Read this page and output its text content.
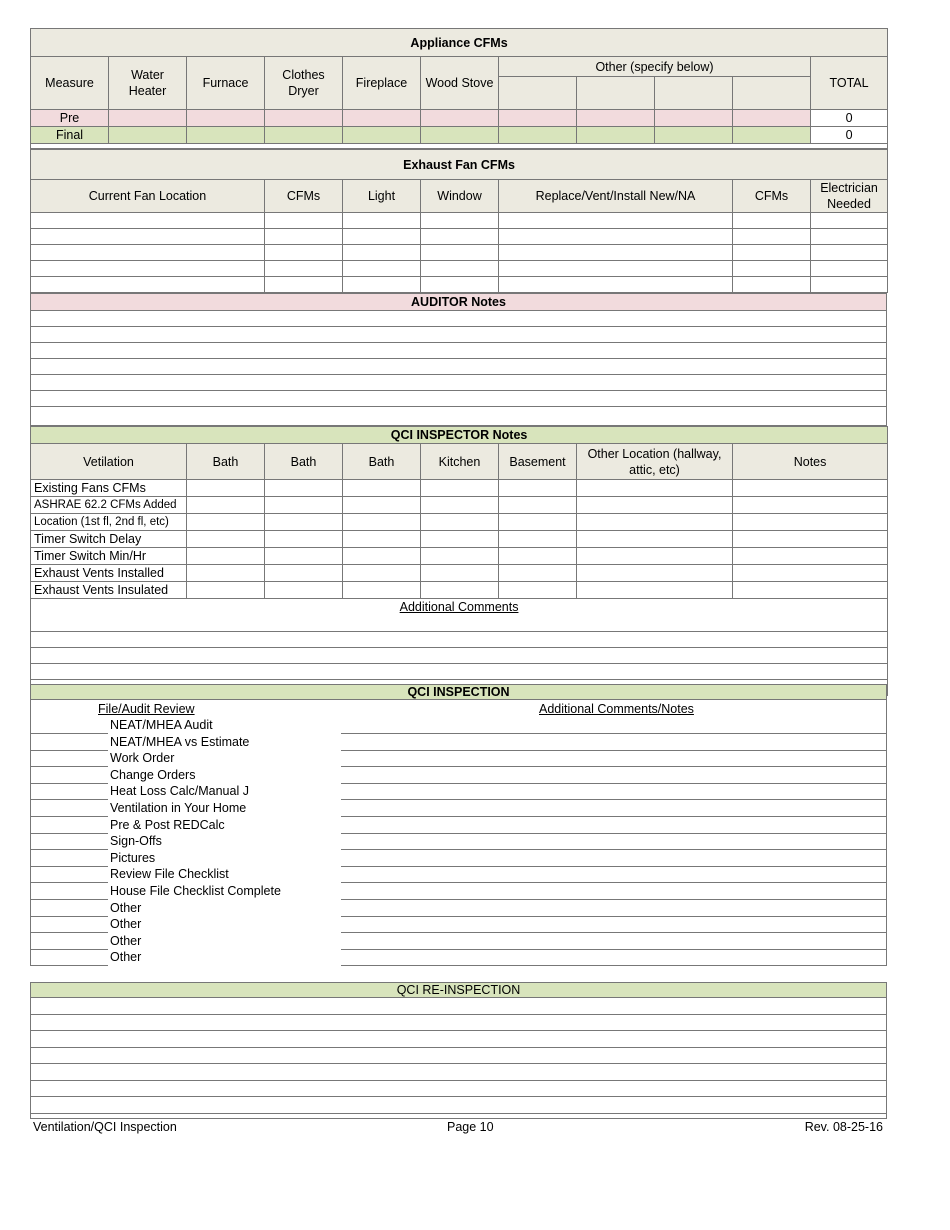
Appliance CFMs										
Measure	Water Heater	Furnace	Clothes Dryer	Fireplace	Wood Stove	Other (specify below)				TOTAL

Pre										0
Final										0

Exhaust Fan CFMs						
Current Fan Location	CFMs	Light	Window	Replace/Vent/Install New/NA	CFMs	Electrician Needed

AUDITOR Notes

QCI INSPECTOR Notes							
Vetilation	Bath	Bath	Bath	Kitchen	Basement	Other Location (hallway, attic, etc)	Notes
Existing Fans CFMs							
ASHRAE 62.2 CFMs Added							
Location (1st fl, 2nd fl, etc)							
Timer Switch Delay							
Timer Switch Min/Hr							
Exhaust Vents Installed							
Exhaust Vents Insulated							
Additional Comments							

QCI INSPECTION
File/Audit Review	Additional Comments/Notes
NEAT/MHEA Audit
NEAT/MHEA vs Estimate
Work Order
Change Orders
Heat Loss Calc/Manual J
Ventilation in Your Home
Pre & Post REDCalc
Sign-Offs
Pictures
Review File Checklist
House File Checklist Complete
Other
Other
Other
Other
QCI RE-INSPECTION
Ventilation/QCI Inspection	Page 10	Rev. 08-25-16
